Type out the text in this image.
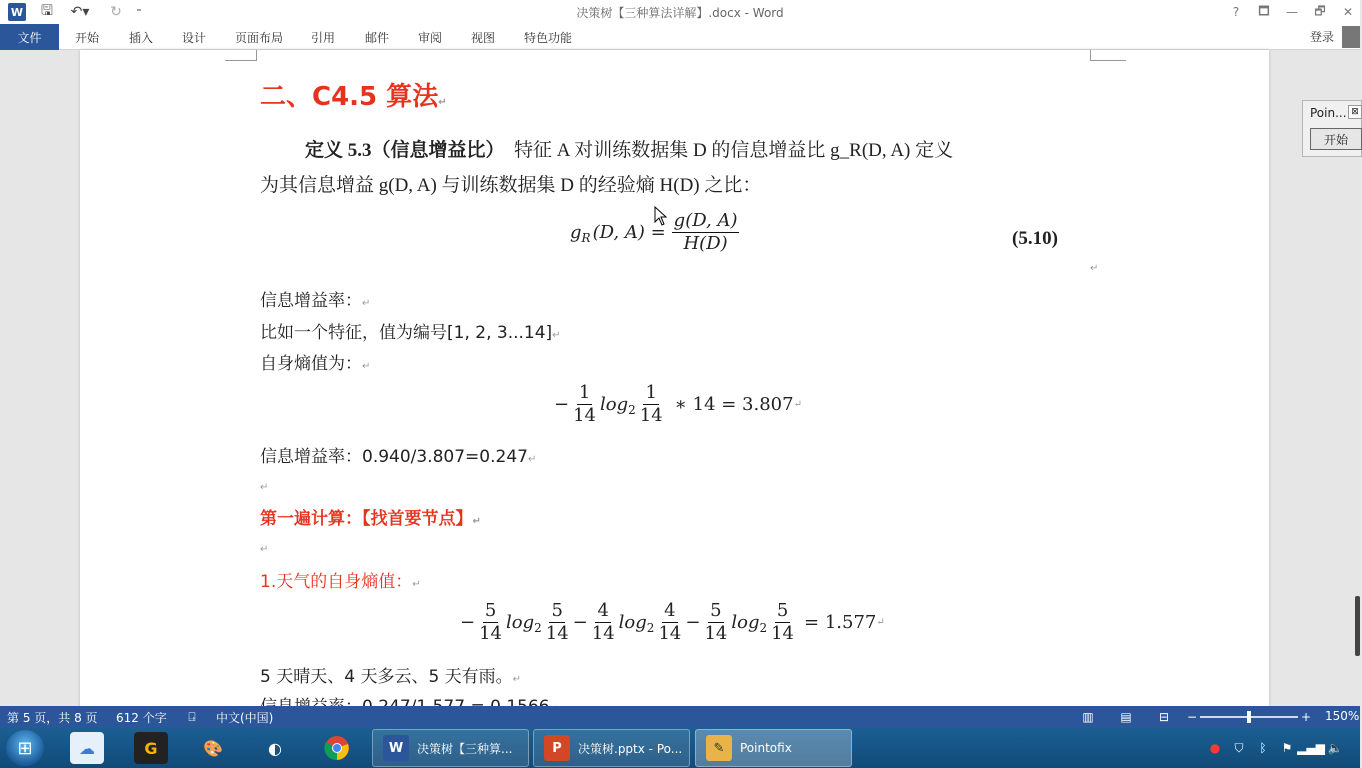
W 🖫	↶▾	↻	⁼	决策树【三种算法详解】.docx - Word	?	🗖	—	🗗	✕
文件	开始 插入 设计 页面布局 引用 邮件 审阅 视图 特色功能	登录
二、C4.5 算法↵
定义 5.3（信息增益比） 特征 A 对训练数据集 D 的信息增益比 g_R(D, A) 定义
为其信息增益 g(D, A) 与训练数据集 D 的经验熵 H(D) 之比：
g R (D, $A) = \frac{g(D, A)}{H(D)}$	(5.10)
↵
信息增益率：↵
比如一个特征，值为编号[1, 2, 3...14]↵
自身熵值为：↵
− $\frac{1}{14}$ $\log 2 \frac{1}{14}$ ∗ 14 = 3.807 ↵
信息增益率：0.940/3.807=0.247↵
↵
第一遍计算：【找首要节点】↵
↵
1.天气的自身熵值：↵
− $\frac{5}{14}$ $\log 2 \frac{5}{14} - \frac{4}{14}$ $\log 2 \frac{4}{14} - \frac{5}{14}$ $\log 2 \frac{5}{14} = 1.577$ ↵
5 天晴天、4 天多云、5 天有雨。↵
Poin... ⊠
开始
第 5 页，共 8 页 612 个字	⍈	中文(中国)	▥ ▤ ⊟ −	+ 150%
⊞	☁	G	🎨	◐	W	决策树【三种算...	P	决策树.pptx - Po...	✎	Pointofix	● ⛉	ᛒ	⚑ ▂▄▆ 🔈
